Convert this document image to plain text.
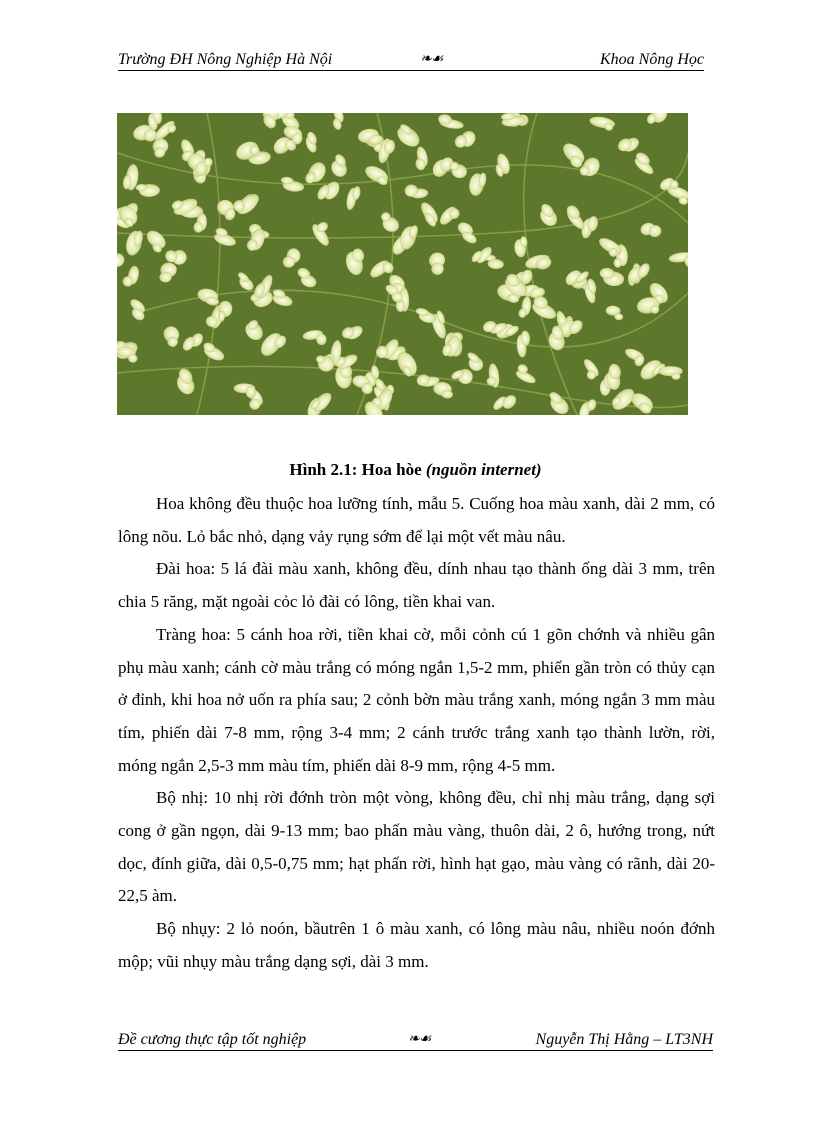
Trường ĐH Nông Nghiệp Hà Nội	❧☙	Khoa Nông Học
Hình 2.1: Hoa hòe (nguồn internet)

Hoa không đều thuộc hoa lưỡng tính, mẫu 5. Cuống hoa màu xanh, dài 2 mm, có lông nõu. Lỏ bắc nhỏ, dạng vảy rụng sớm để lại một vết màu nâu.

Đài hoa: 5 lá đài màu xanh, không đều, dính nhau tạo thành ống dài 3 mm, trên chia 5 răng, mặt ngoài cỏc lỏ đài có lông, tiền khai van.

Tràng hoa: 5 cánh hoa rời, tiền khai cờ, mỗi cỏnh cú 1 gõn chớnh và nhiều gân phụ màu xanh; cánh cờ màu trắng có móng ngắn 1,5-2 mm, phiến gần tròn có thủy cạn ở đỉnh, khi hoa nở uốn ra phía sau; 2 cỏnh bờn màu trắng xanh, móng ngắn 3 mm màu tím, phiến dài 7-8 mm, rộng 3-4 mm; 2 cánh trước trắng xanh tạo thành lườn, rời, móng ngắn 2,5-3 mm màu tím, phiến dài 8-9 mm, rộng 4-5 mm.

Bộ nhị: 10 nhị rời đớnh tròn một vòng, không đều, chỉ nhị màu trắng, dạng sợi cong ở gần ngọn, dài 9-13 mm; bao phấn màu vàng, thuôn dài, 2 ô, hướng trong, nứt dọc, đính giữa, dài 0,5-0,75 mm; hạt phấn rời, hình hạt gạo, màu vàng có rãnh, dài 20-22,5 àm.

Bộ nhụy: 2 lỏ noón, bầutrên 1 ô màu xanh, có lông màu nâu, nhiều noón đớnh mộp; vũi nhụy màu trắng dạng sợi, dài 3 mm.

Đề cương thực tập tốt nghiệp	❧☙	Nguyễn Thị Hằng – LT3NH
